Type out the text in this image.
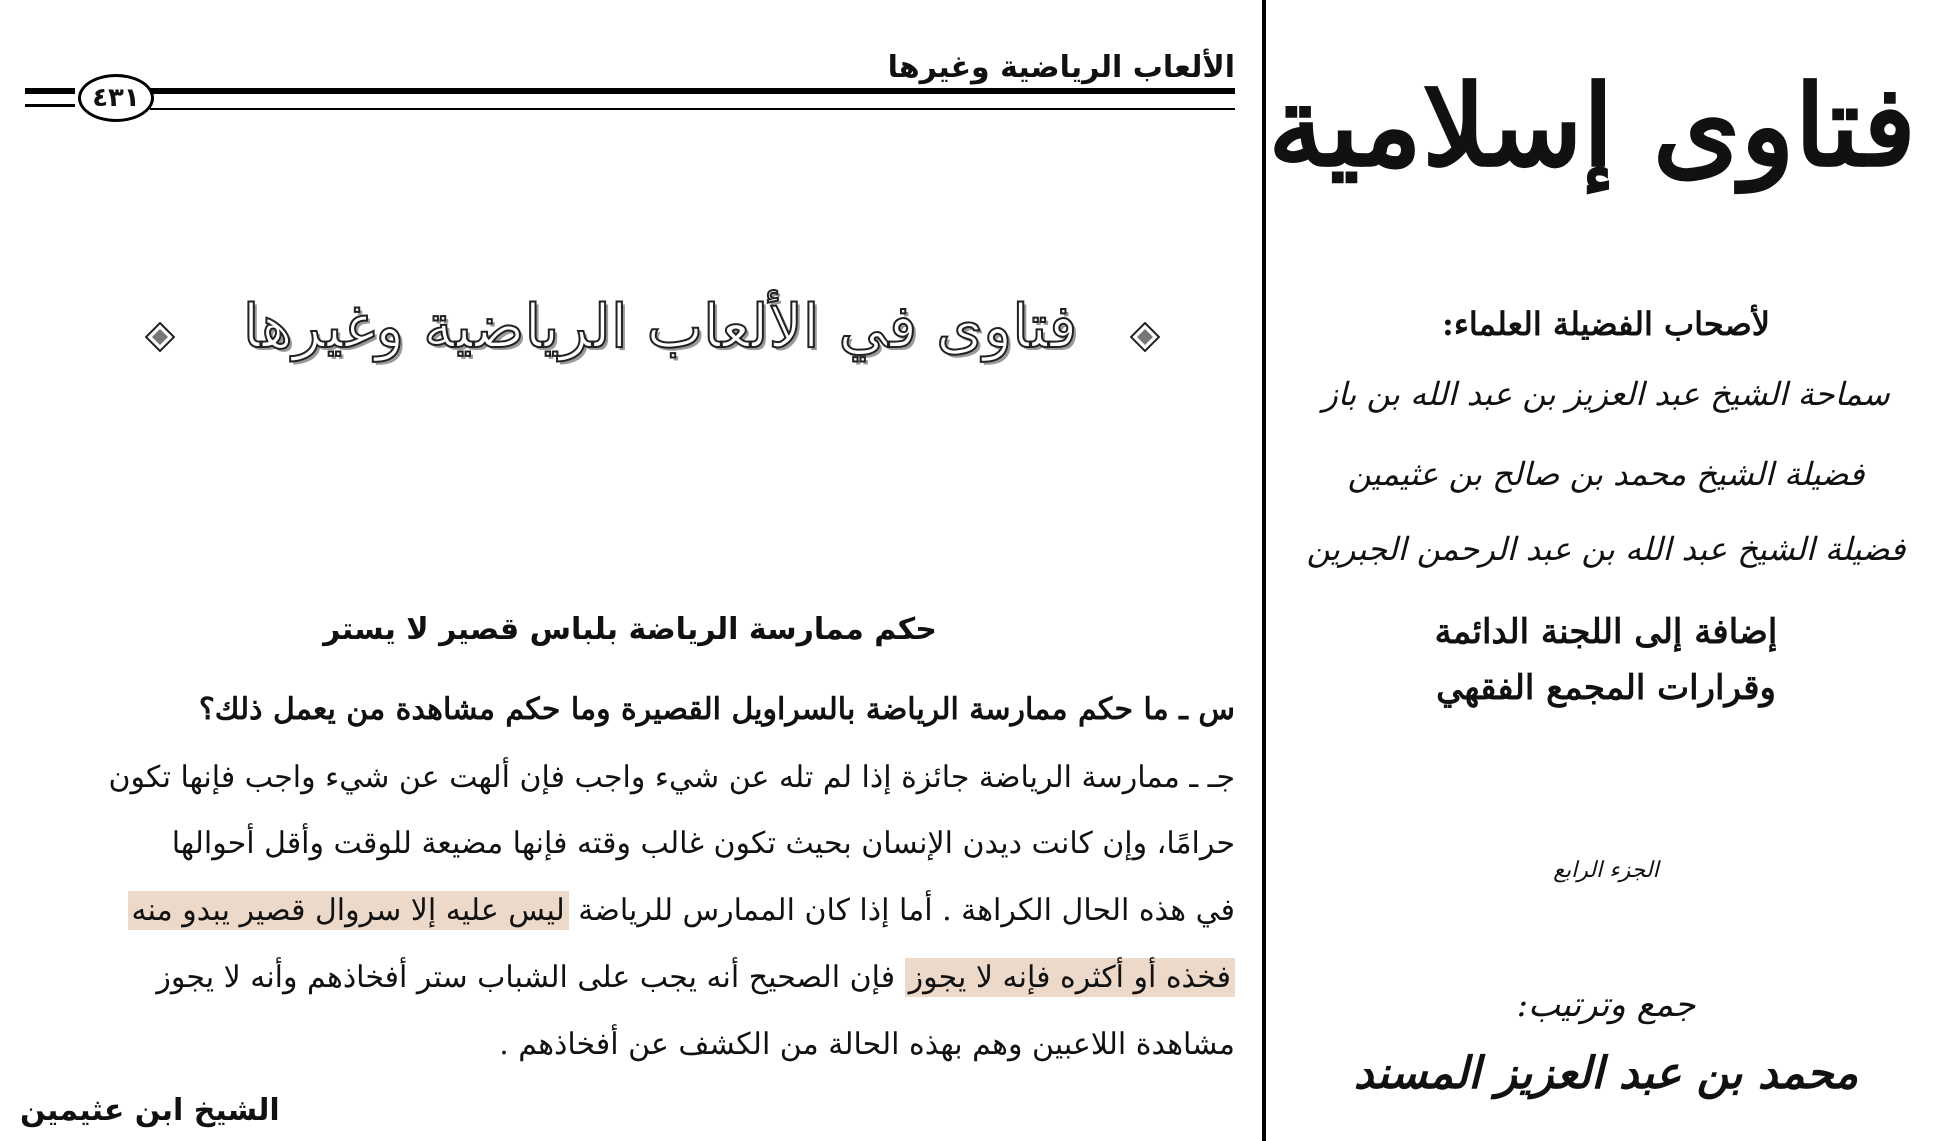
الألعاب الرياضية وغيرها
٤٣١
فتاوى في الألعاب الرياضية وغيرها
حكم ممارسة الرياضة بلباس قصير لا يستر
س ـ ما حكم ممارسة الرياضة بالسراويل القصيرة وما حكم مشاهدة من يعمل ذلك؟
جـ ـ ممارسة الرياضة جائزة إذا لم تله عن شيء واجب فإن ألهت عن شيء واجب فإنها تكون
حرامًا، وإن كانت ديدن الإنسان بحيث تكون غالب وقته فإنها مضيعة للوقت وأقل أحوالها
في هذه الحال الكراهة . أما إذا كان الممارس للرياضة ليس عليه إلا سروال قصير يبدو منه
فخذه أو أكثره فإنه لا يجوز فإن الصحيح أنه يجب على الشباب ستر أفخاذهم وأنه لا يجوز
مشاهدة اللاعبين وهم بهذه الحالة من الكشف عن أفخاذهم .
الشيخ ابن عثيمين
فتاوى إسلامية
لأصحاب الفضيلة العلماء:
سماحة الشيخ عبد العزيز بن عبد الله بن باز
فضيلة الشيخ محمد بن صالح بن عثيمين
فضيلة الشيخ عبد الله بن عبد الرحمن الجبرين
إضافة إلى اللجنة الدائمة
وقرارات المجمع الفقهي
الجزء الرابع
جمع وترتيب:
محمد بن عبد العزيز المسند
